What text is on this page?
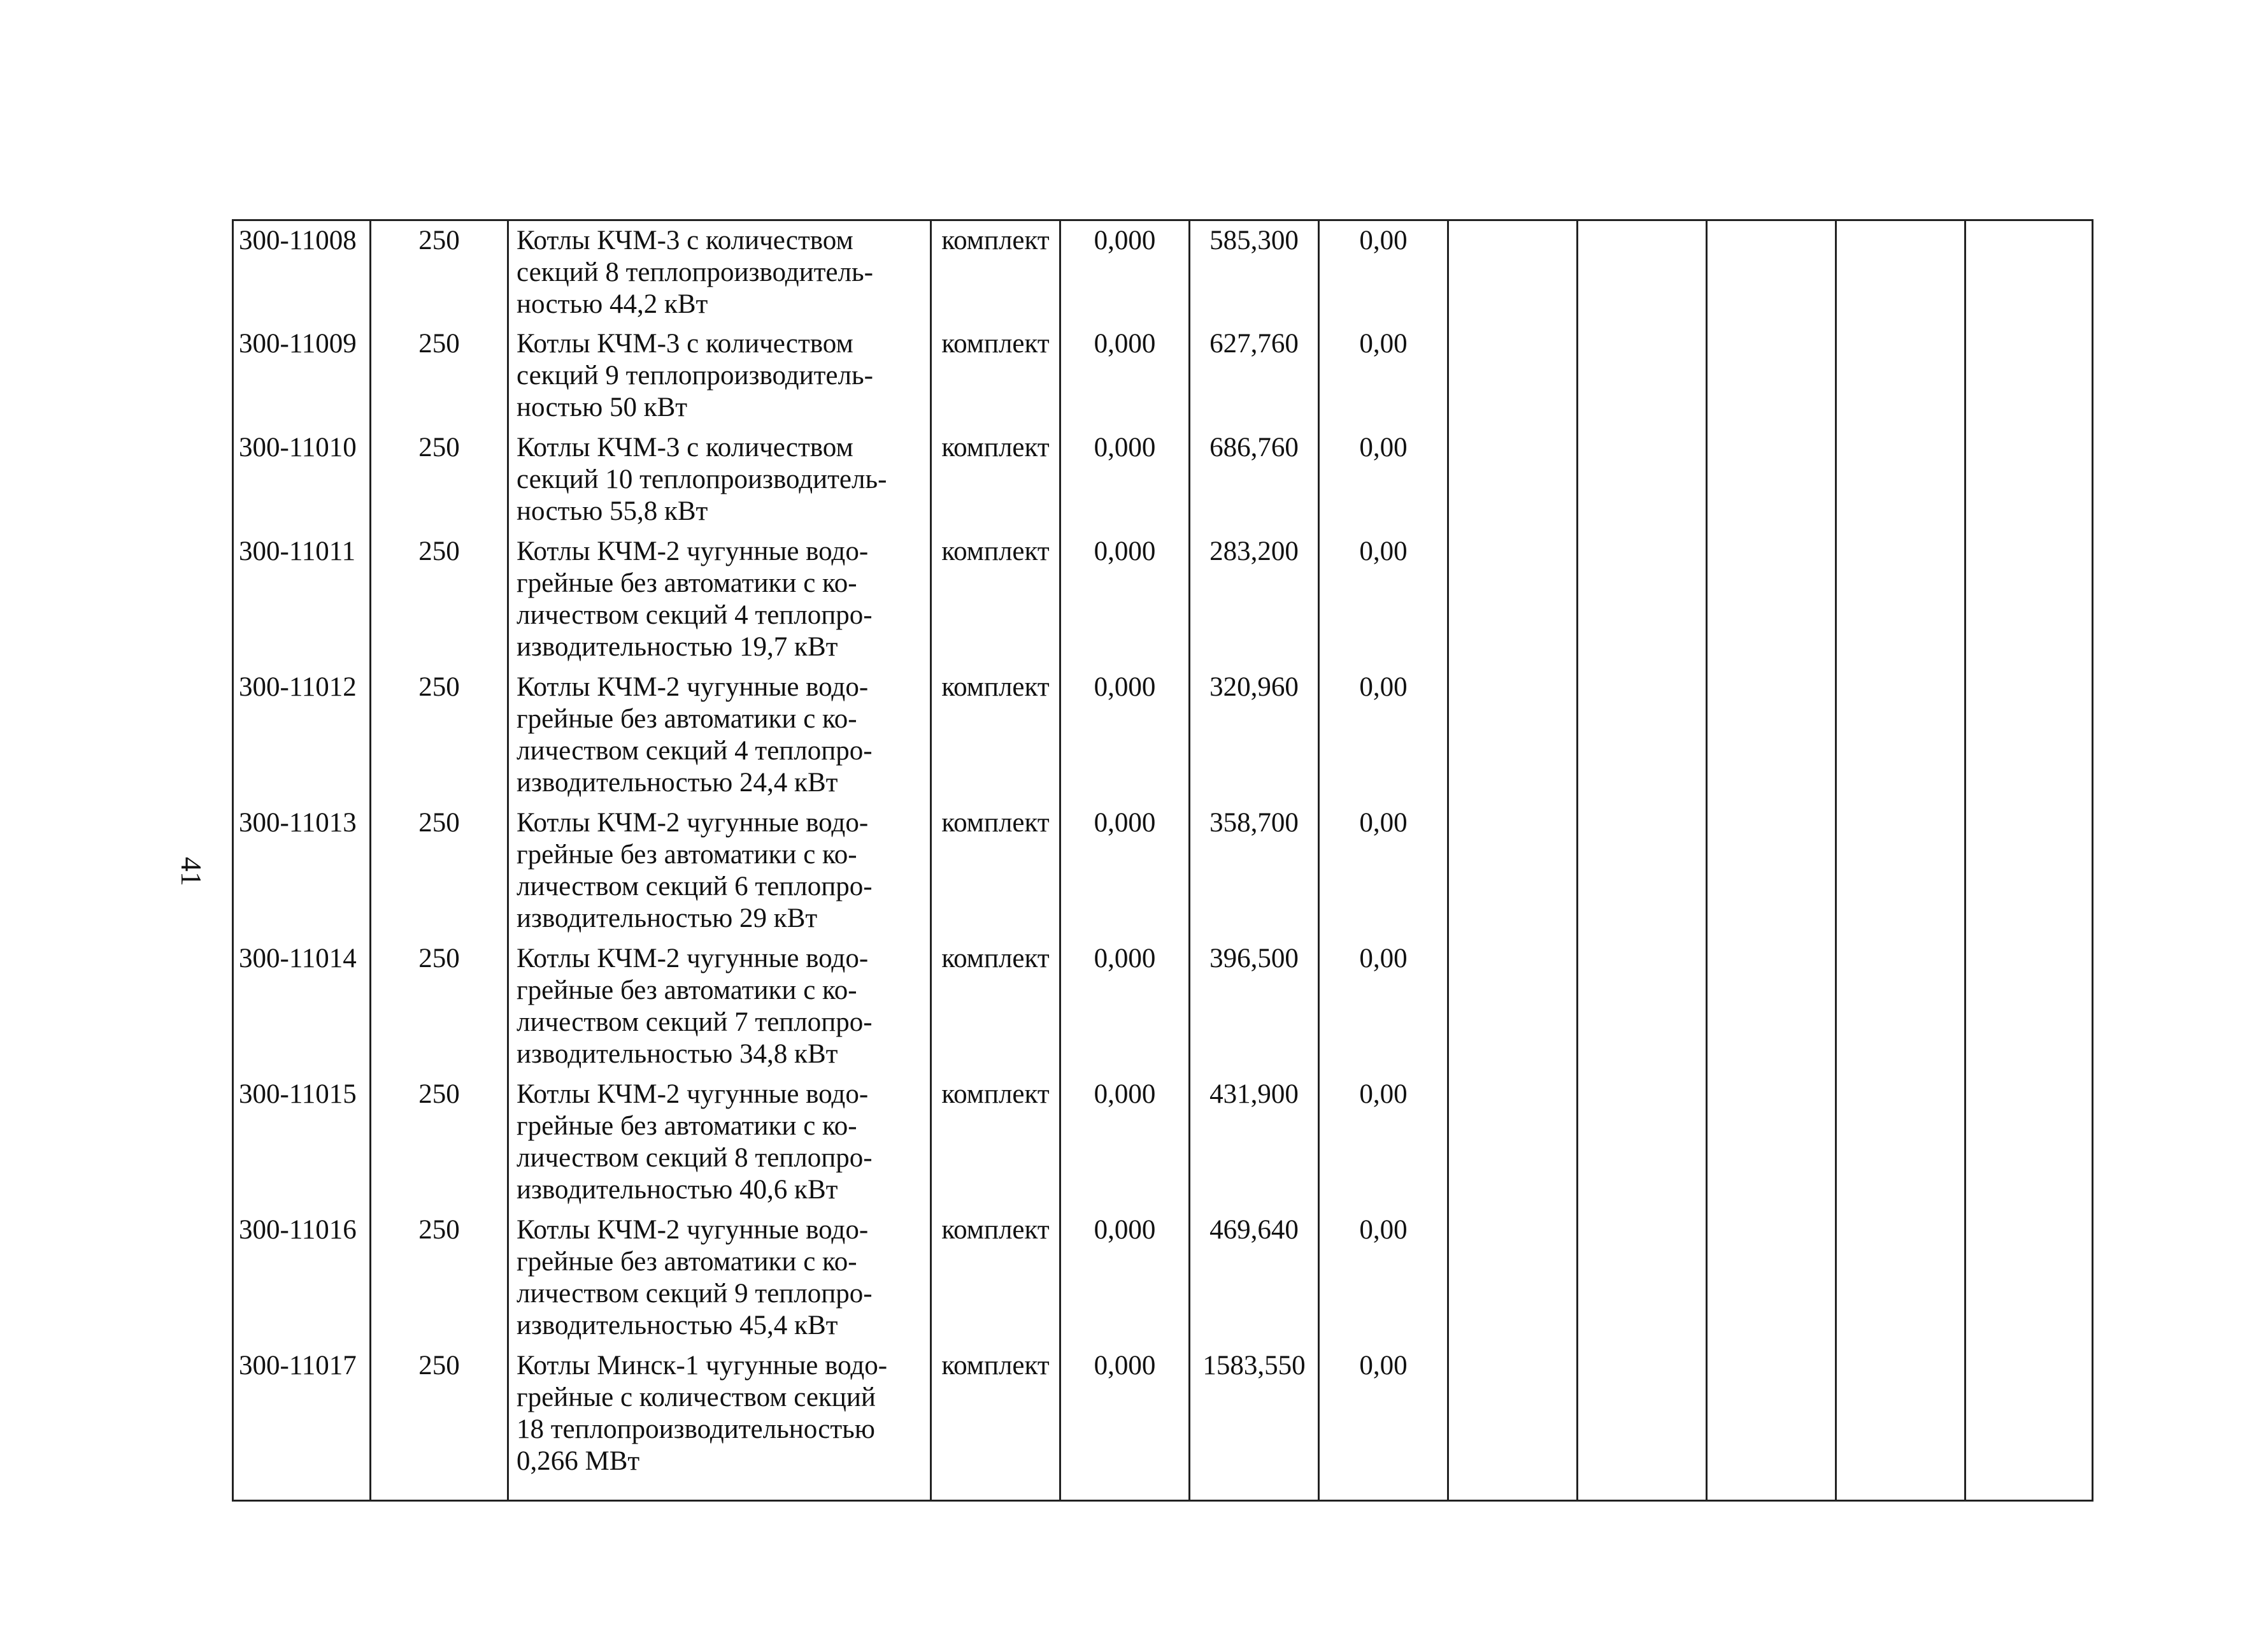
41
300-11008	250	Котлы КЧМ-3 с количеством
секций 8 теплопроизводитель-
ностью 44,2 кВт	комплект	0,000	585,300	0,00					
300-11009	250	Котлы КЧМ-3 с количеством
секций 9 теплопроизводитель-
ностью 50 кВт	комплект	0,000	627,760	0,00					
300-11010	250	Котлы КЧМ-3 с количеством
секций 10 теплопроизводитель-
ностью 55,8 кВт	комплект	0,000	686,760	0,00					
300-11011	250	Котлы КЧМ-2 чугунные водо-
грейные без автоматики с ко-
личеством секций 4 теплопро-
изводительностью 19,7 кВт	комплект	0,000	283,200	0,00					
300-11012	250	Котлы КЧМ-2 чугунные водо-
грейные без автоматики с ко-
личеством секций 4 теплопро-
изводительностью 24,4 кВт	комплект	0,000	320,960	0,00					
300-11013	250	Котлы КЧМ-2 чугунные водо-
грейные без автоматики с ко-
личеством секций 6 теплопро-
изводительностью 29 кВт	комплект	0,000	358,700	0,00					
300-11014	250	Котлы КЧМ-2 чугунные водо-
грейные без автоматики с ко-
личеством секций 7 теплопро-
изводительностью 34,8 кВт	комплект	0,000	396,500	0,00					
300-11015	250	Котлы КЧМ-2 чугунные водо-
грейные без автоматики с ко-
личеством секций 8 теплопро-
изводительностью 40,6 кВт	комплект	0,000	431,900	0,00					
300-11016	250	Котлы КЧМ-2 чугунные водо-
грейные без автоматики с ко-
личеством секций 9 теплопро-
изводительностью 45,4 кВт	комплект	0,000	469,640	0,00					
300-11017	250	Котлы Минск-1 чугунные водо-
грейные с количеством секций
18 теплопроизводительностью
0,266 МВт	комплект	0,000	1583,550	0,00					
